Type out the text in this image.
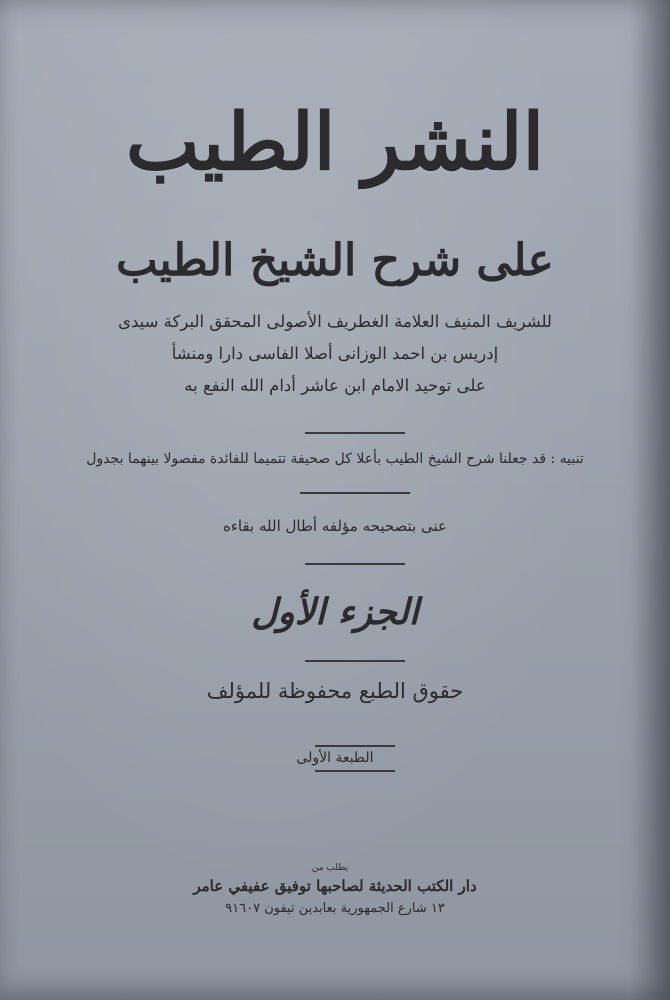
النشر الطيب
على شرح الشيخ الطيب
للشريف المنيف العلامة الغطريف الأصولى المحقق البركة سيدى
إدريس بن احمد الوزانى أصلا الفاسى دارا ومنشأ
على توحيد الامام ابن عاشر أدام الله النفع به
تنبيه : قد جعلنا شرح الشيخ الطيب بأعلا كل صحيفة تتميما للفائدة مفصولا بينهما بجدول
عنى بتصحيحه مؤلفه أطال الله بقاءه
الجزء الأول
حقوق الطبع محفوظة للمؤلف
الطبعة الأولى
يطلب من
دار الكتب الحديثة لصاحبها توفيق عفيفي عامر
١٣ شارع الجمهورية بعابدين تيفون ٩١٦٠٧
